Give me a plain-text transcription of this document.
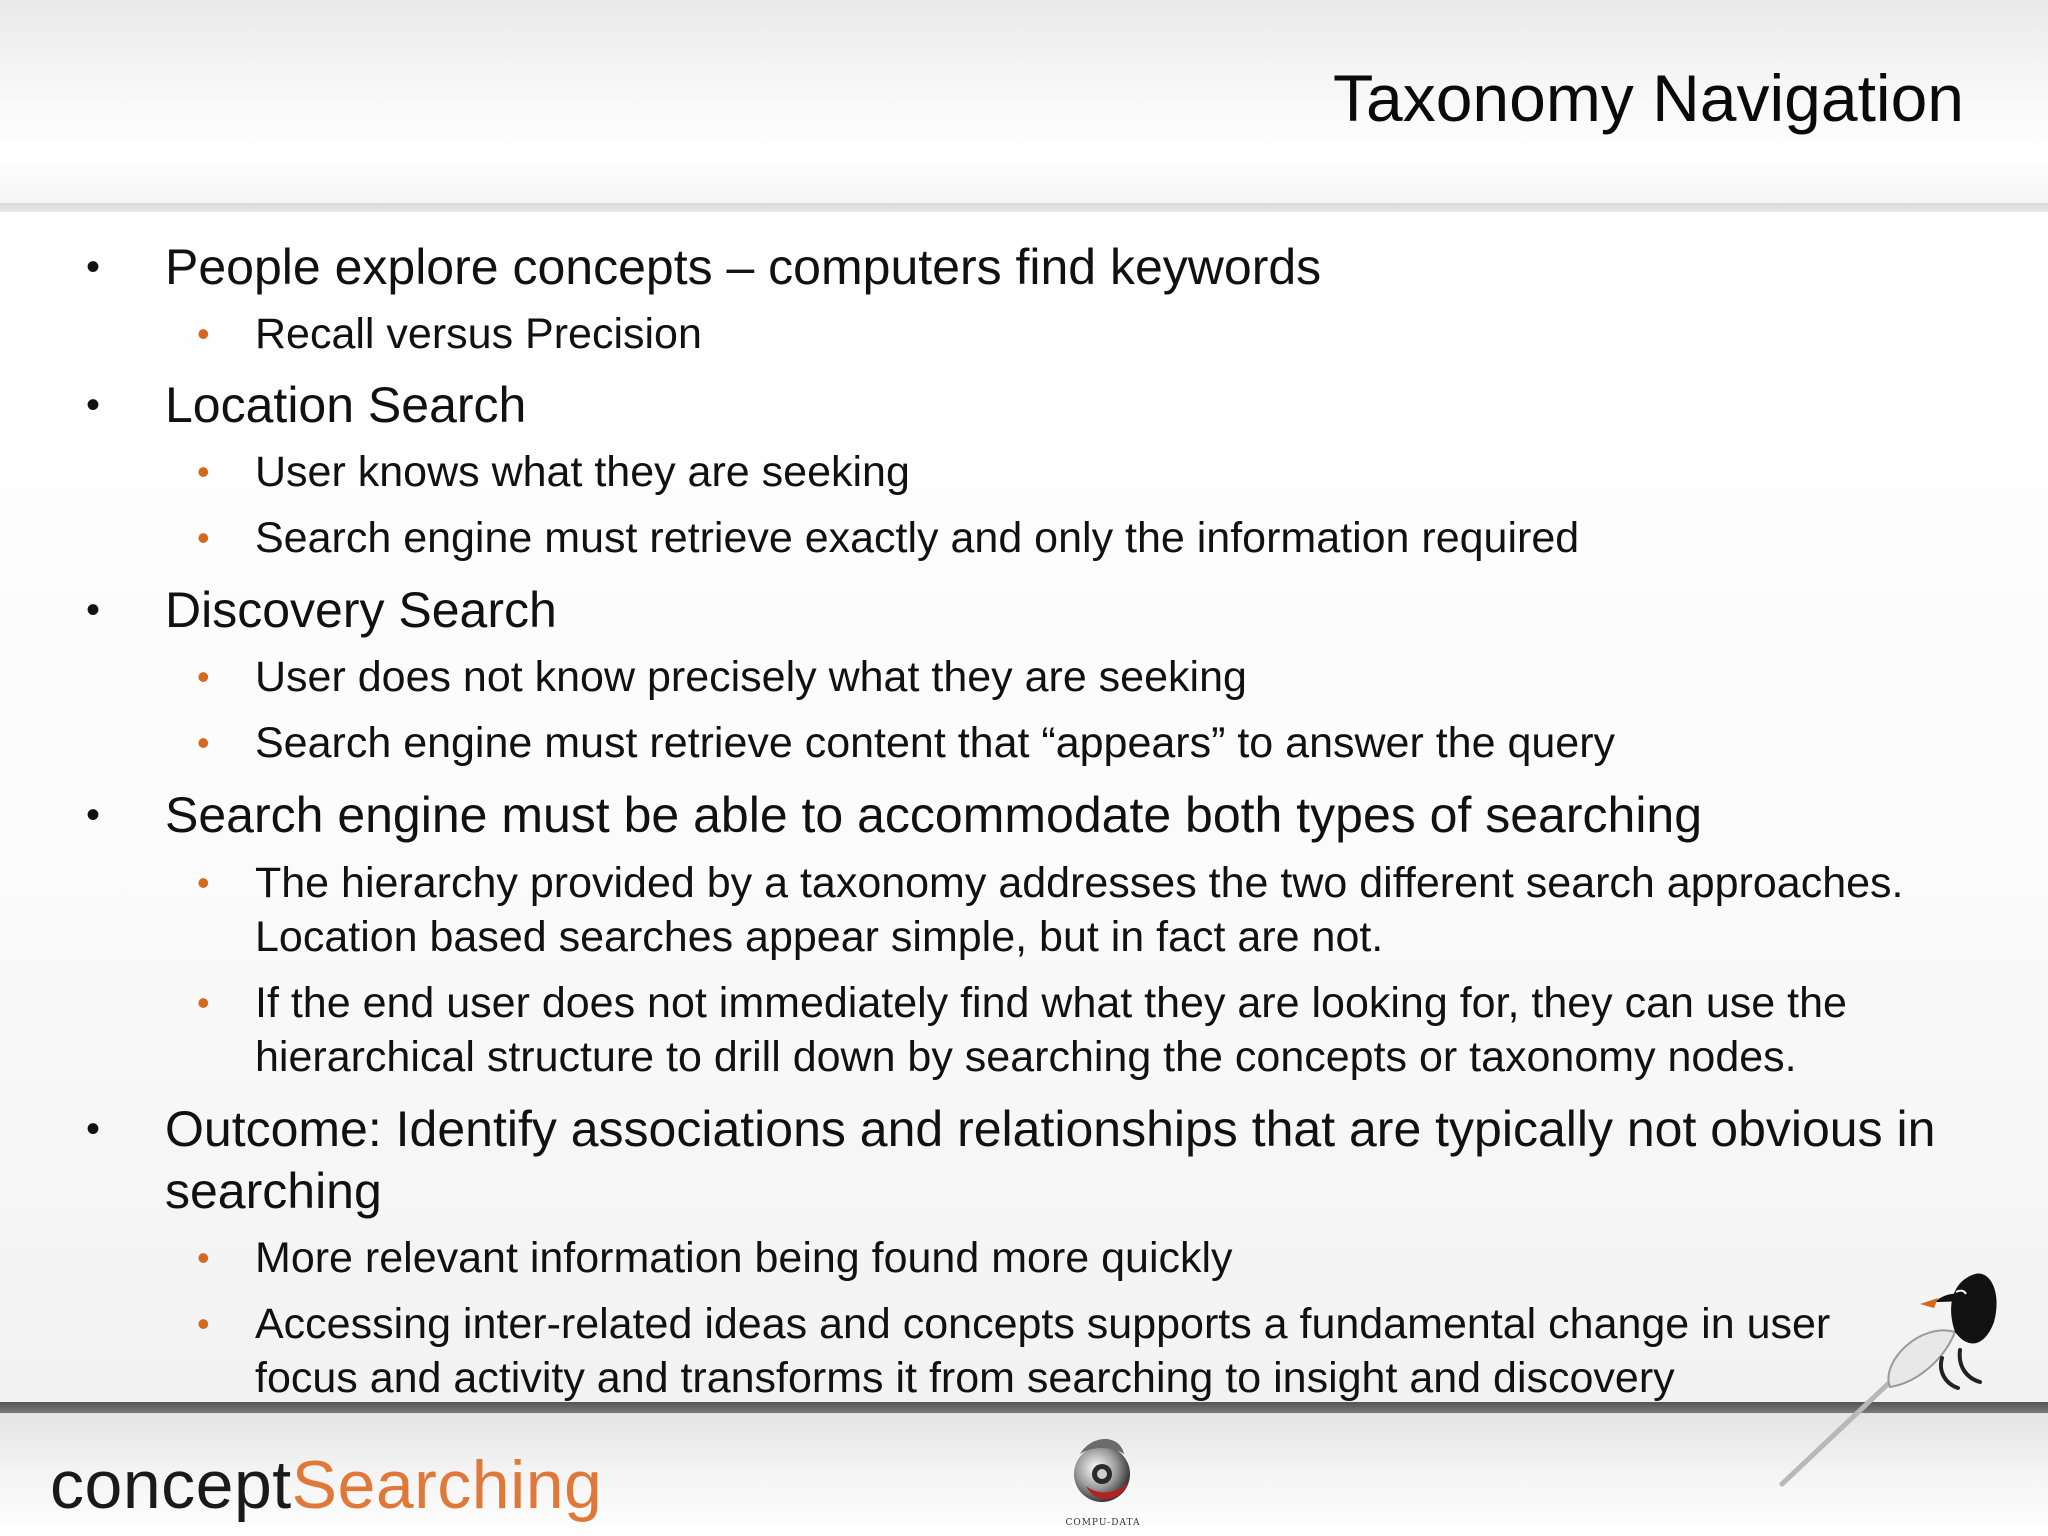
Taxonomy Navigation
• People explore concepts – computers find keywords
• Recall versus Precision
• Location Search
• User knows what they are seeking
• Search engine must retrieve exactly and only the information required
• Discovery Search
• User does not know precisely what they are seeking
• Search engine must retrieve content that “appears” to answer the query
• Search engine must be able to accommodate both types of searching
• The hierarchy provided by a taxonomy addresses the two different search approaches. Location based searches appear simple, but in fact are not.
• If the end user does not immediately find what they are looking for, they can use the hierarchical structure to drill down by searching the concepts or taxonomy nodes.
• Outcome: Identify associations and relationships that are typically not obvious in searching
• More relevant information being found more quickly
• Accessing inter-related ideas and concepts supports a fundamental change in user focus and activity and transforms it from searching to insight and discovery
conceptSearching	COMPU-DATA
